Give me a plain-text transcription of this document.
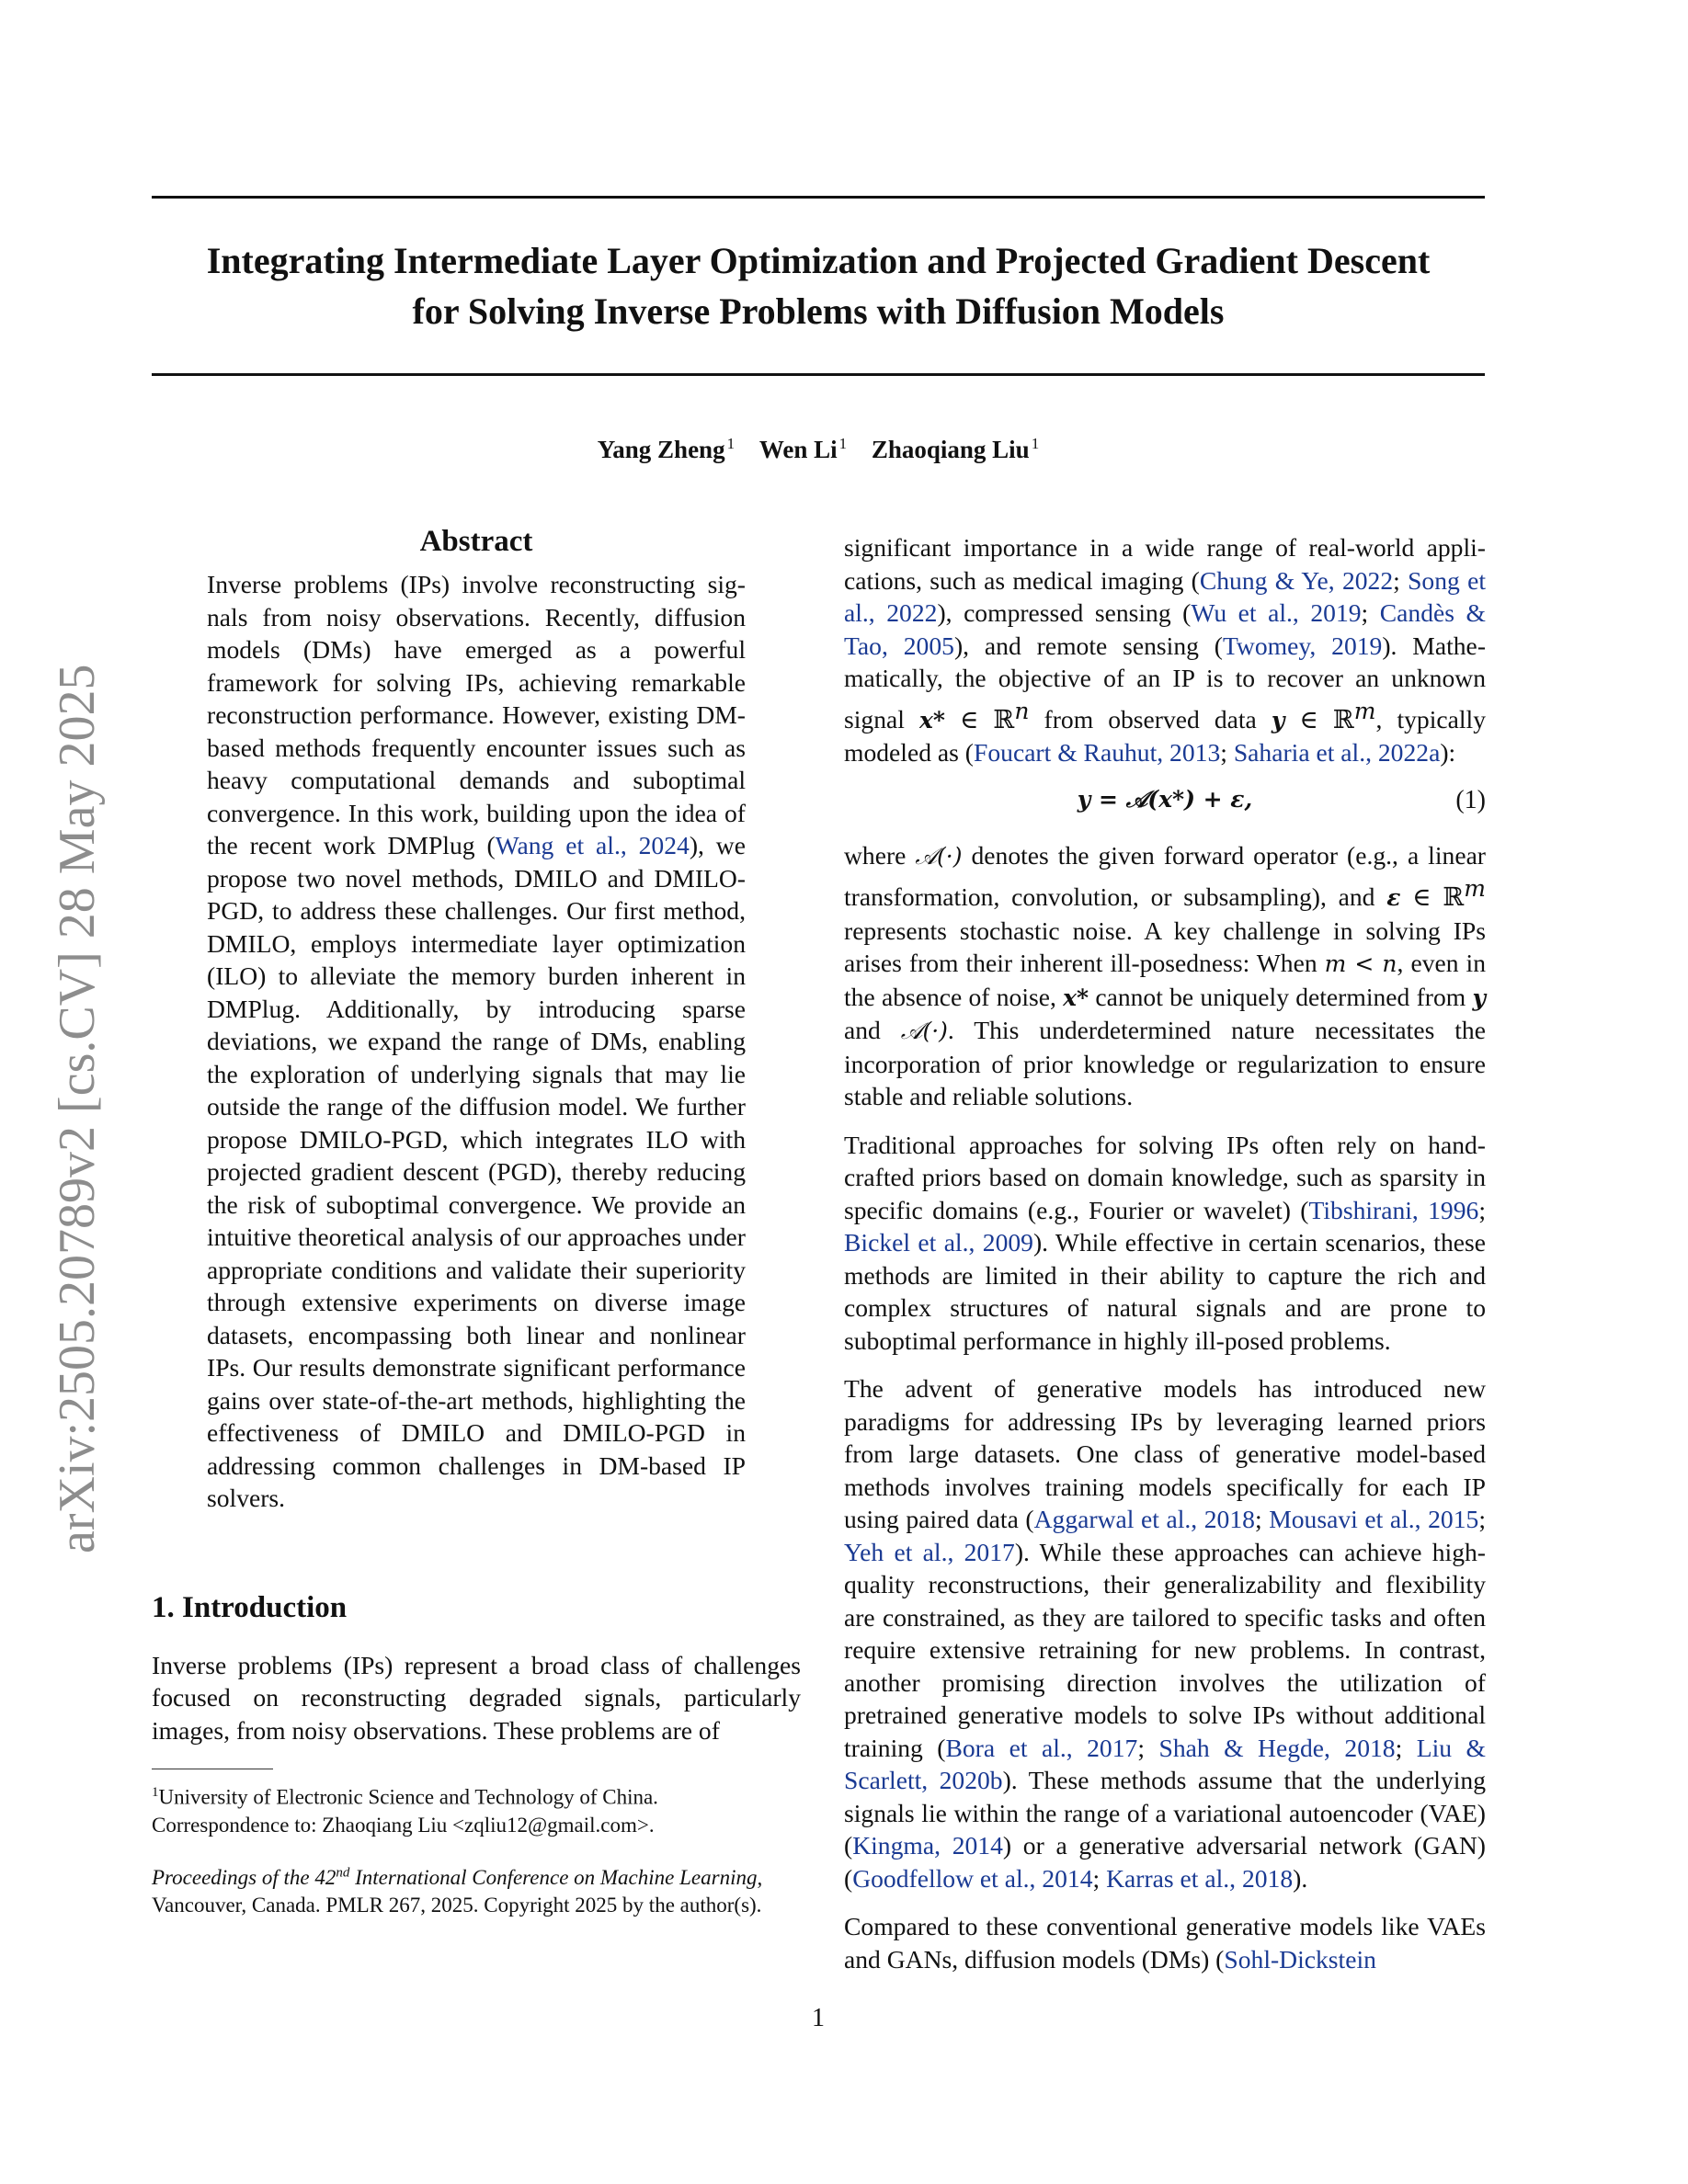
Integrating Intermediate Layer Optimization and Projected Gradient Descent
for Solving Inverse Problems with Diffusion Models
Yang Zheng $^1$ Wen Li $^1$ Zhaoqiang Liu $^1$
arXiv:2505.20789v2 [cs.CV] 28 May 2025
Abstract

Inverse problems (IPs) involve reconstructing signals from noisy observations. Recently, diffusion models (DMs) have emerged as a powerful framework for solving IPs, achieving remarkable reconstruction performance. However, existing DM-based methods frequently encounter issues such as heavy computational demands and suboptimal convergence. In this work, building upon the idea of the recent work DMPlug (Wang et al., 2024), we propose two novel methods, DMILO and DMILO-PGD, to address these challenges. Our first method, DMILO, employs intermediate layer optimization (ILO) to alleviate the memory burden inherent in DMPlug. Additionally, by introducing sparse deviations, we expand the range of DMs, enabling the exploration of underlying signals that may lie outside the range of the diffusion model. We further propose DMILO-PGD, which integrates ILO with projected gradient descent (PGD), thereby reducing the risk of suboptimal convergence. We provide an intuitive theoretical analysis of our approaches under appropriate conditions and validate their superiority through extensive experiments on diverse image datasets, encompassing both linear and nonlinear IPs. Our results demonstrate significant performance gains over state-of-the-art methods, highlighting the effectiveness of DMILO and DMILO-PGD in addressing common challenges in DM-based IP solvers.

1. Introduction

Inverse problems (IPs) represent a broad class of challenges focused on reconstructing degraded signals, particularly images, from noisy observations. These problems are of

$^1$University of Electronic Science and Technology of China. Correspondence to: Zhaoqiang Liu <zqliu12@gmail.com>.

Proceedings of the 42nd International Conference on Machine Learning, Vancouver, Canada. PMLR 267, 2025. Copyright 2025 by the author(s).

significant importance in a wide range of real-world applications, such as medical imaging (Chung & Ye, 2022; Song et al., 2022), compressed sensing (Wu et al., 2019; Candès & Tao, 2005), and remote sensing (Twomey, 2019). Mathematically, the objective of an IP is to recover an unknown signal x* ∈ ℝ$^n$ from observed data y ∈ ℝ$^m$, typically modeled as (Foucart & Rauhut, 2013; Saharia et al., 2022a):

y = 𝒜(x*) + ε,	(1)

where 𝒜(·) denotes the given forward operator (e.g., a linear transformation, convolution, or subsampling), and ε ∈ ℝ$^m$ represents stochastic noise. A key challenge in solving IPs arises from their inherent ill-posedness: When m < n, even in the absence of noise, x* cannot be uniquely determined from y and 𝒜(·). This underdetermined nature necessitates the incorporation of prior knowledge or regularization to ensure stable and reliable solutions.

Traditional approaches for solving IPs often rely on handcrafted priors based on domain knowledge, such as sparsity in specific domains (e.g., Fourier or wavelet) (Tibshirani, 1996; Bickel et al., 2009). While effective in certain scenarios, these methods are limited in their ability to capture the rich and complex structures of natural signals and are prone to suboptimal performance in highly ill-posed problems.

The advent of generative models has introduced new paradigms for addressing IPs by leveraging learned priors from large datasets. One class of generative model-based methods involves training models specifically for each IP using paired data (Aggarwal et al., 2018; Mousavi et al., 2015; Yeh et al., 2017). While these approaches can achieve high-quality reconstructions, their generalizability and flexibility are constrained, as they are tailored to specific tasks and often require extensive retraining for new problems. In contrast, another promising direction involves the utilization of pretrained generative models to solve IPs without additional training (Bora et al., 2017; Shah & Hegde, 2018; Liu & Scarlett, 2020b). These methods assume that the underlying signals lie within the range of a variational autoencoder (VAE) (Kingma, 2014) or a generative adversarial network (GAN) (Goodfellow et al., 2014; Karras et al., 2018).

Compared to these conventional generative models like VAEs and GANs, diffusion models (DMs) (Sohl-Dickstein

1
